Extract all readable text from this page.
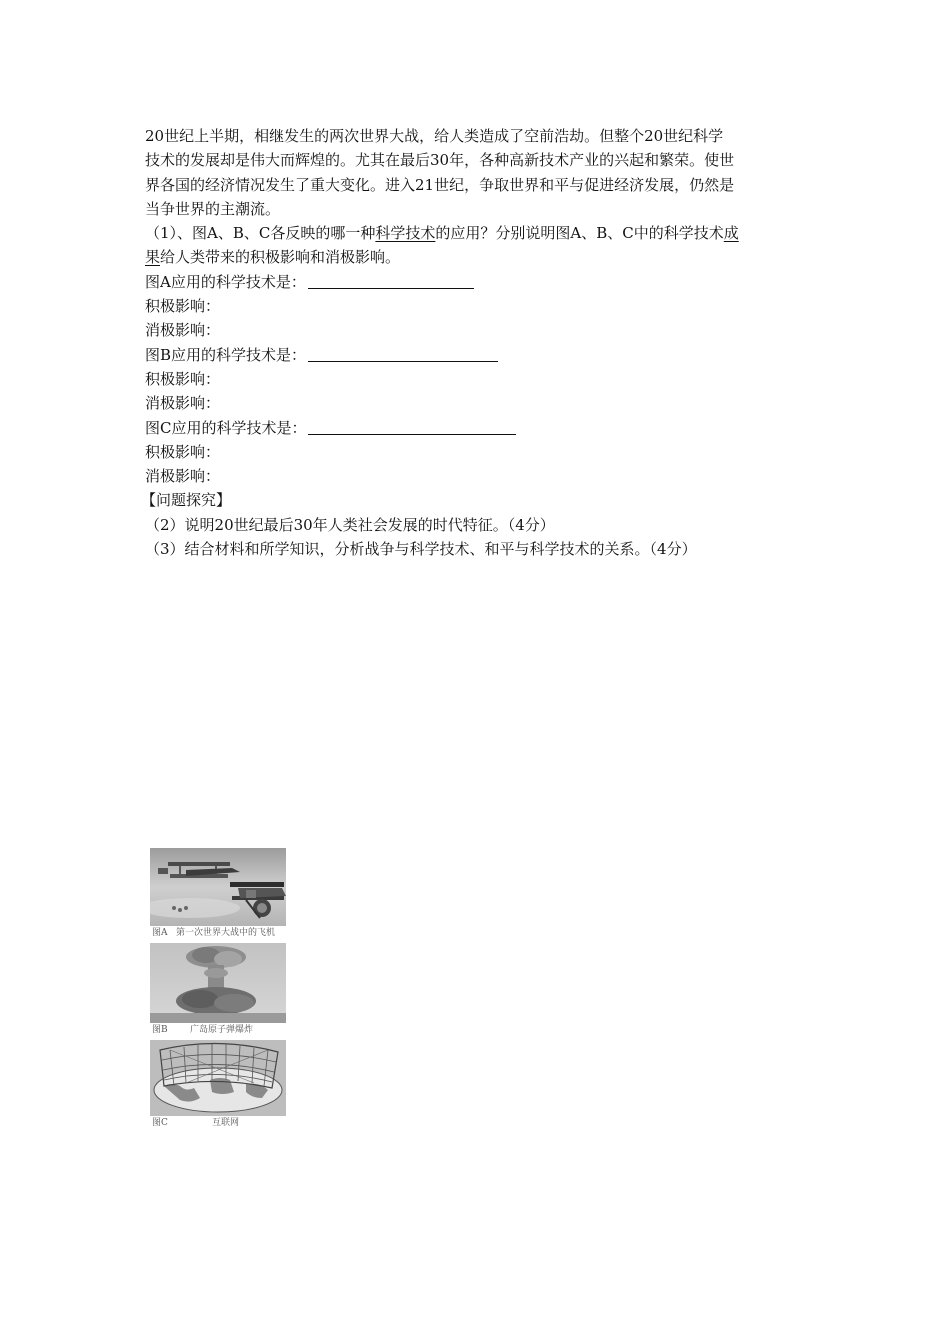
20世纪上半期，相继发生的两次世界大战，给人类造成了空前浩劫。但整个20世纪科学
技术的发展却是伟大而辉煌的。尤其在最后30年，各种高新技术产业的兴起和繁荣。使世
界各国的经济情况发生了重大变化。进入21世纪，争取世界和平与促进经济发展，仍然是
当争世界的主潮流。
（1）、图A、B、C各反映的哪一种科学技术的应用？分别说明图A、B、C中的科学技术成
果给人类带来的积极影响和消极影响。
图A应用的科学技术是：
积极影响：
消极影响：
图B应用的科学技术是：
积极影响：
消极影响：
图C应用的科学技术是：
积极影响：
消极影响：
【问题探究】
（2）说明20世纪最后30年人类社会发展的时代特征。（4分）
（3）结合材料和所学知识，分析战争与科学技术、和平与科学技术的关系。（4分）
图A 第一次世界大战中的飞机
图B 广岛原子弹爆炸
图C	互联网
